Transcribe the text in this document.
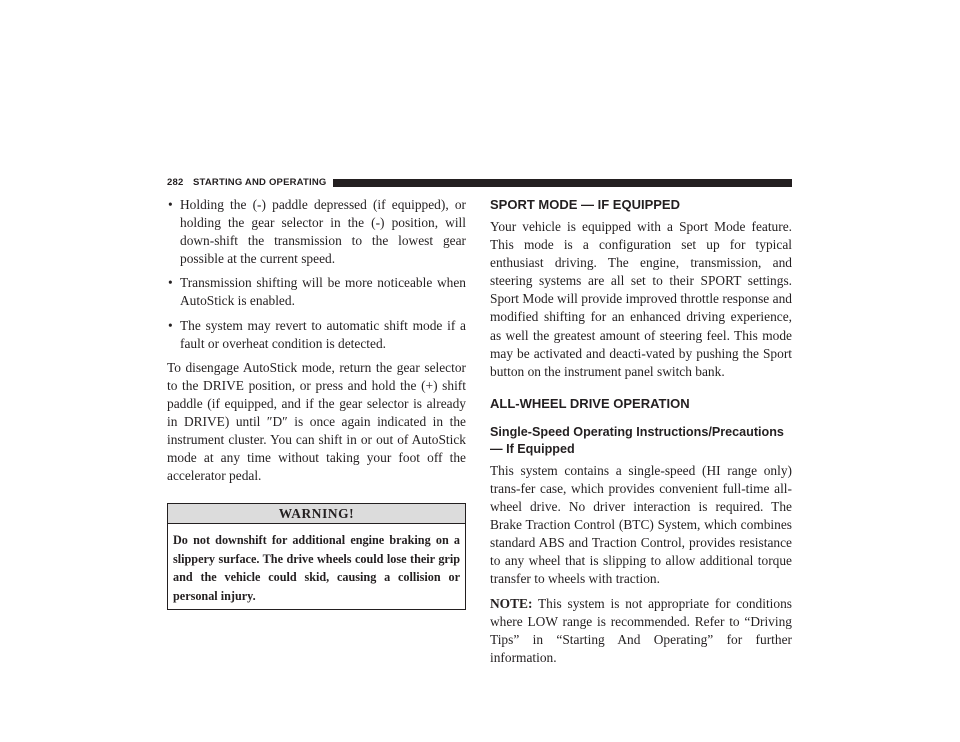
282 STARTING AND OPERATING

• Holding the (-) paddle depressed (if equipped), or holding the gear selector in the (-) position, will down-shift the transmission to the lowest gear possible at the current speed.

• Transmission shifting will be more noticeable when AutoStick is enabled.

• The system may revert to automatic shift mode if a fault or overheat condition is detected.

To disengage AutoStick mode, return the gear selector to the DRIVE position, or press and hold the (+) shift paddle (if equipped, and if the gear selector is already in DRIVE) until ″D″ is once again indicated in the instrument cluster. You can shift in or out of AutoStick mode at any time without taking your foot off the accelerator pedal.

WARNING!
Do not downshift for additional engine braking on a slippery surface. The drive wheels could lose their grip and the vehicle could skid, causing a collision or personal injury.
SPORT MODE — IF EQUIPPED

Your vehicle is equipped with a Sport Mode feature. This mode is a configuration set up for typical enthusiast driving. The engine, transmission, and steering systems are all set to their SPORT settings. Sport Mode will provide improved throttle response and modified shifting for an enhanced driving experience, as well the greatest amount of steering feel. This mode may be activated and deacti-vated by pushing the Sport button on the instrument panel switch bank.

ALL-WHEEL DRIVE OPERATION
Single-Speed Operating Instructions/Precautions — If Equipped

This system contains a single-speed (HI range only) trans-fer case, which provides convenient full-time all-wheel drive. No driver interaction is required. The Brake Traction Control (BTC) System, which combines standard ABS and Traction Control, provides resistance to any wheel that is slipping to allow additional torque transfer to wheels with traction.

NOTE: This system is not appropriate for conditions where LOW range is recommended. Refer to “Driving Tips” in “Starting And Operating” for further information.
